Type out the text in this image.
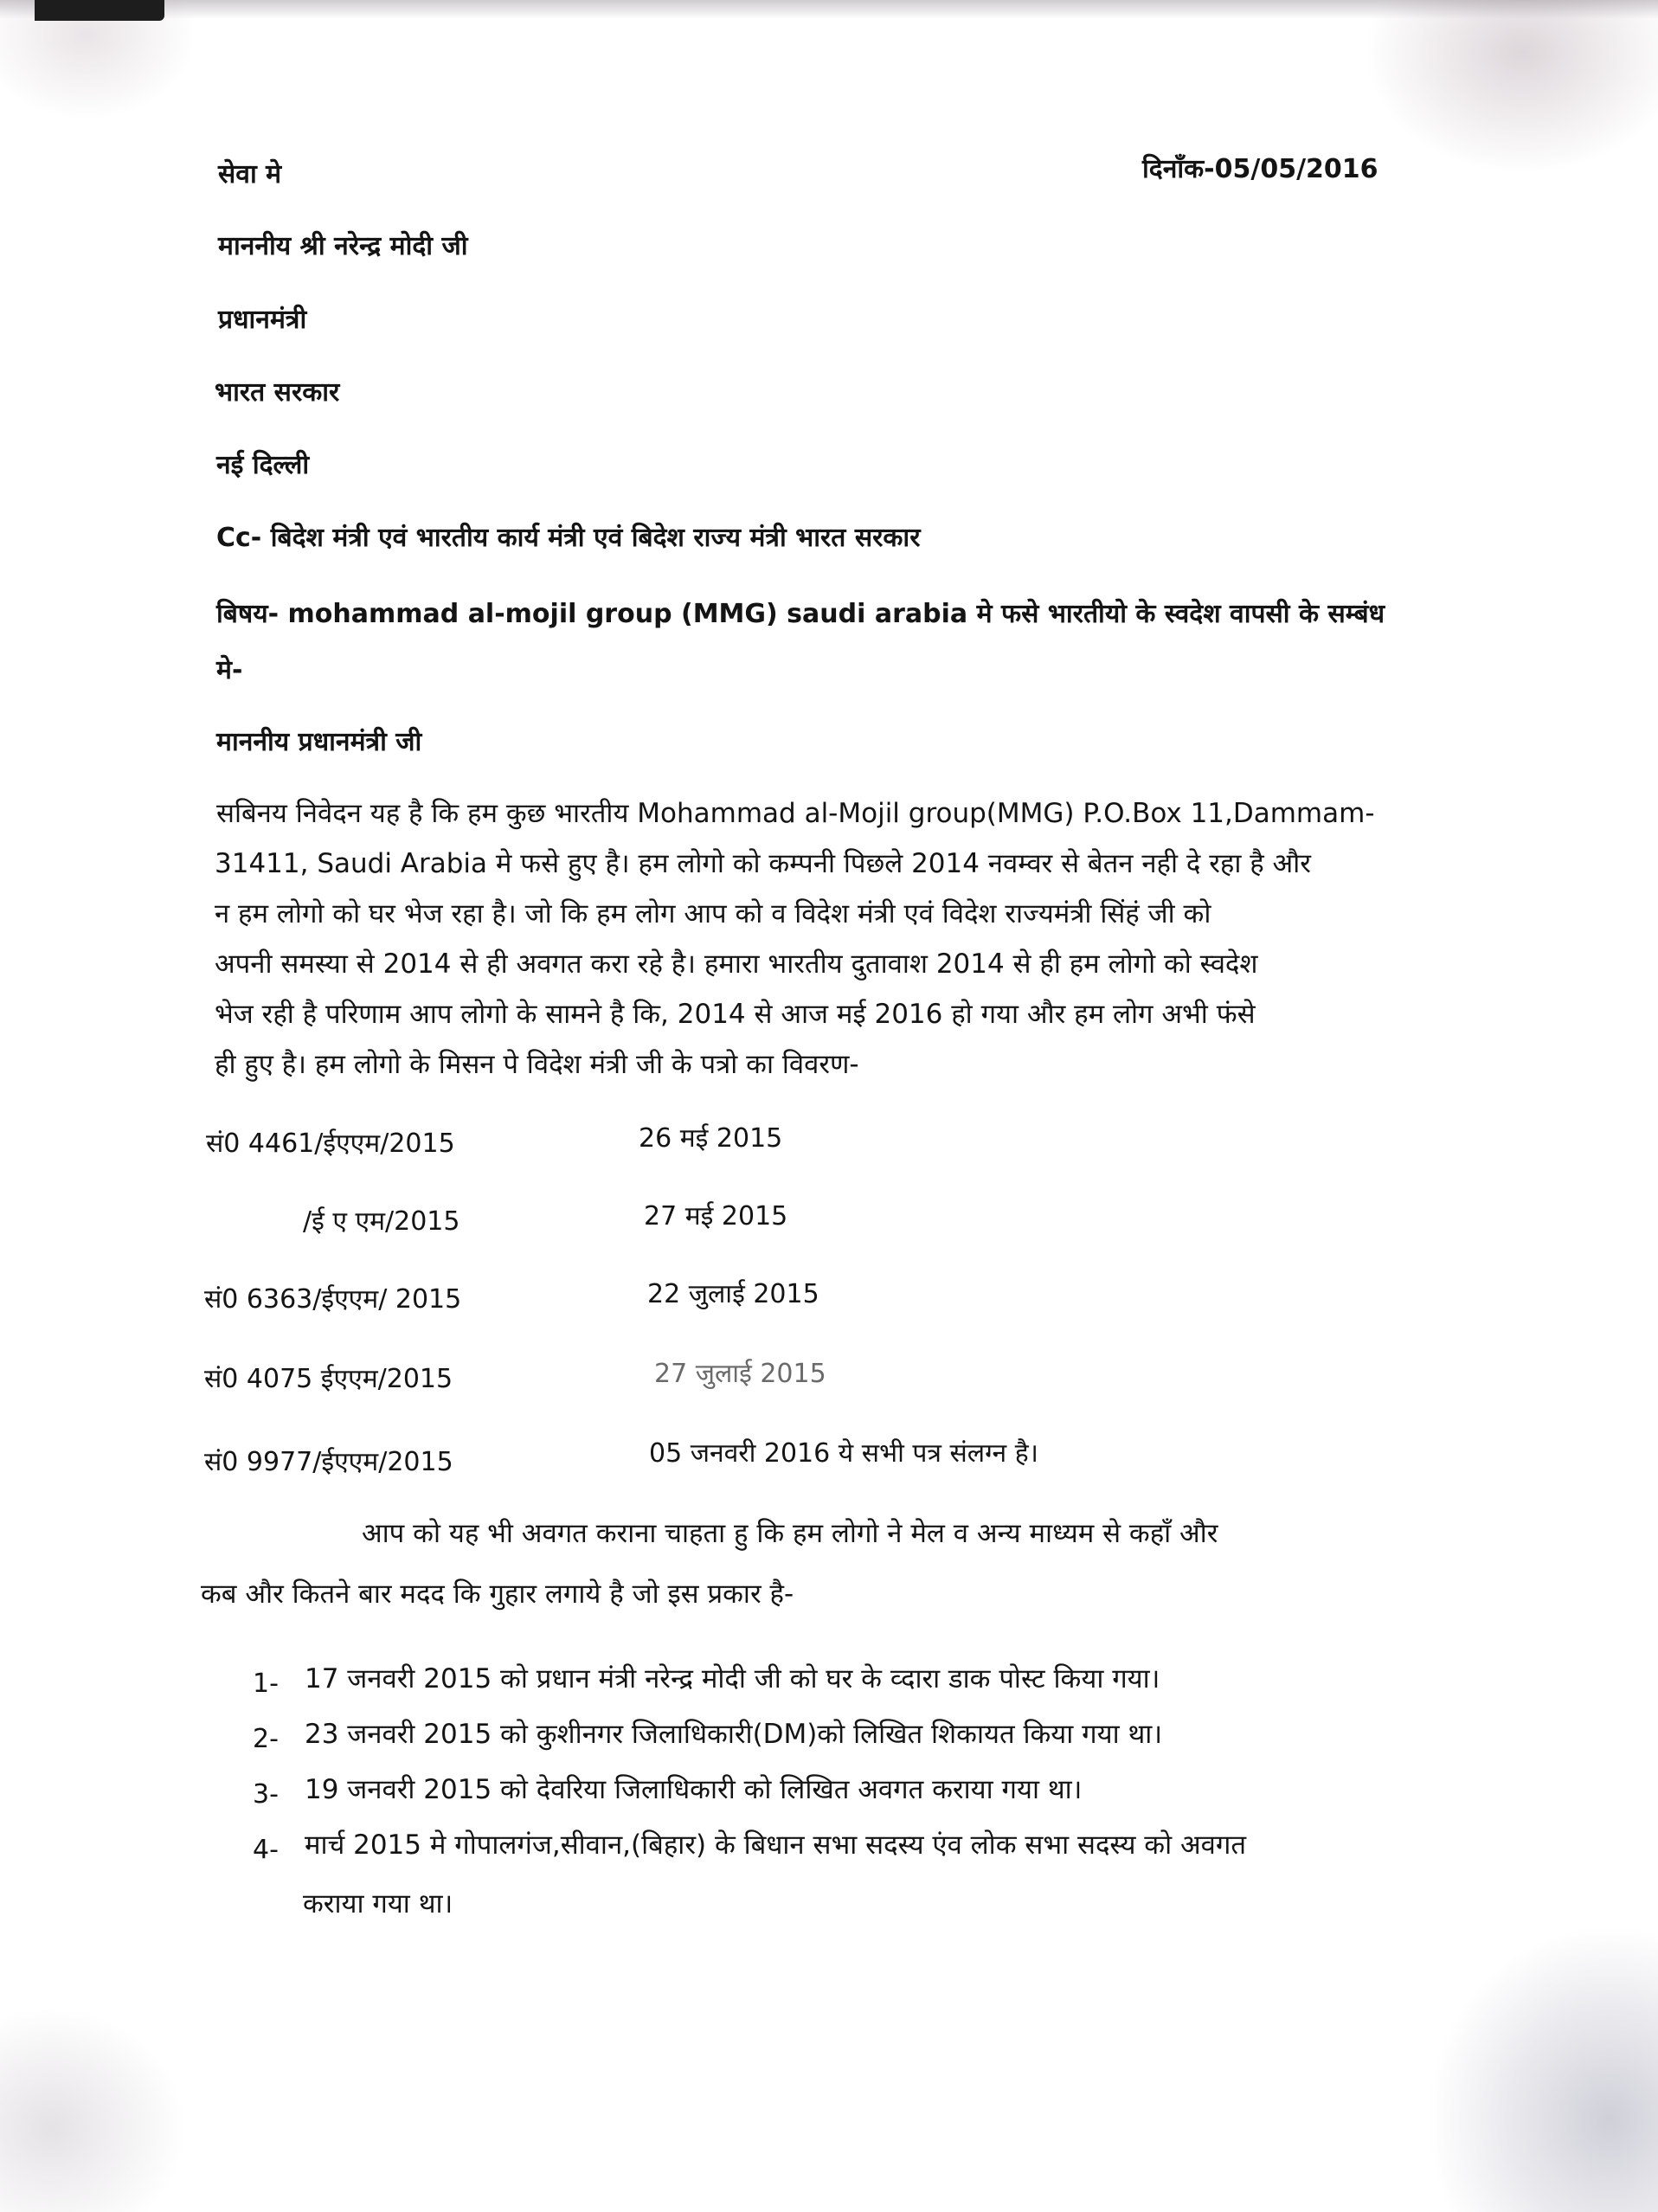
सेवा मे	दिनाँक-05/05/2016

माननीय श्री नरेन्द्र मोदी जी

प्रधानमंत्री

भारत सरकार

नई दिल्ली

Cc- बिदेश मंत्री एवं भारतीय कार्य मंत्री एवं बिदेश राज्य मंत्री भारत सरकार

बिषय- mohammad al-mojil group (MMG) saudi arabia मे फसे भारतीयो के स्वदेश वापसी के सम्बंध

मे-

माननीय प्रधानमंत्री जी

सबिनय निवेदन यह है कि हम कुछ भारतीय Mohammad al-Mojil group(MMG) P.O.Box 11,Dammam-

31411, Saudi Arabia मे फसे हुए है। हम लोगो को कम्पनी पिछले 2014 नवम्वर से बेतन नही दे रहा है और

न हम लोगो को घर भेज रहा है। जो कि हम लोग आप को व विदेश मंत्री एवं विदेश राज्यमंत्री सिंहं जी को

अपनी समस्या से 2014 से ही अवगत करा रहे है। हमारा भारतीय दुतावाश 2014 से ही हम लोगो को स्वदेश

भेज रही है परिणाम आप लोगो के सामने है कि, 2014 से आज मई 2016 हो गया और हम लोग अभी फंसे

ही हुए है। हम लोगो के मिसन पे विदेश मंत्री जी के पत्रो का विवरण-

सं0 4461/ईएएम/2015	26 मई 2015

/ई ए एम/2015	27 मई 2015

सं0 6363/ईएएम/ 2015	22 जुलाई 2015

सं0 4075 ईएएम/2015	27 जुलाई 2015

सं0 9977/ईएएम/2015	05 जनवरी 2016 ये सभी पत्र संलग्न है।

आप को यह भी अवगत कराना चाहता हु कि हम लोगो ने मेल व अन्य माध्यम से कहाँ और

कब और कितने बार मदद कि गुहार लगाये है जो इस प्रकार है-

1- 17 जनवरी 2015 को प्रधान मंत्री नरेन्द्र मोदी जी को घर के व्दारा डाक पोस्ट किया गया।

2- 23 जनवरी 2015 को कुशीनगर जिलाधिकारी(DM)को लिखित शिकायत किया गया था।

3- 19 जनवरी 2015 को देवरिया जिलाधिकारी को लिखित अवगत कराया गया था।

4- मार्च 2015 मे गोपालगंज,सीवान,(बिहार) के बिधान सभा सदस्य एंव लोक सभा सदस्य को अवगत

कराया गया था।
